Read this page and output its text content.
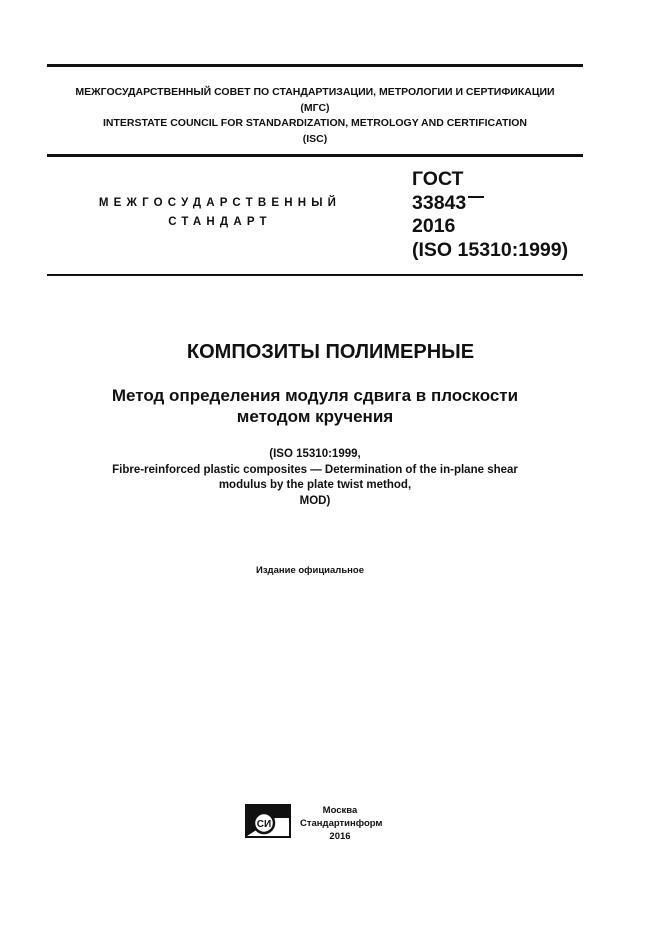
МЕЖГОСУДАРСТВЕННЫЙ СОВЕТ ПО СТАНДАРТИЗАЦИИ, МЕТРОЛОГИИ И СЕРТИФИКАЦИИ
(МГС)
INTERSTATE COUNCIL FOR STANDARDIZATION, METROLOGY AND CERTIFICATION
(ISC)
МЕЖГОСУДАРСТВЕННЫЙ
СТАНДАРТ
ГОСТ
33843
2016
(ISO 15310:1999)
КОМПОЗИТЫ ПОЛИМЕРНЫЕ
Метод определения модуля сдвига в плоскости
методом кручения
(ISO 15310:1999,
Fibre-reinforced plastic composites — Determination of the in-plane shear
modulus by the plate twist method,
MOD)
Издание официальное
СИ
Москва
Стандартинформ
2016
